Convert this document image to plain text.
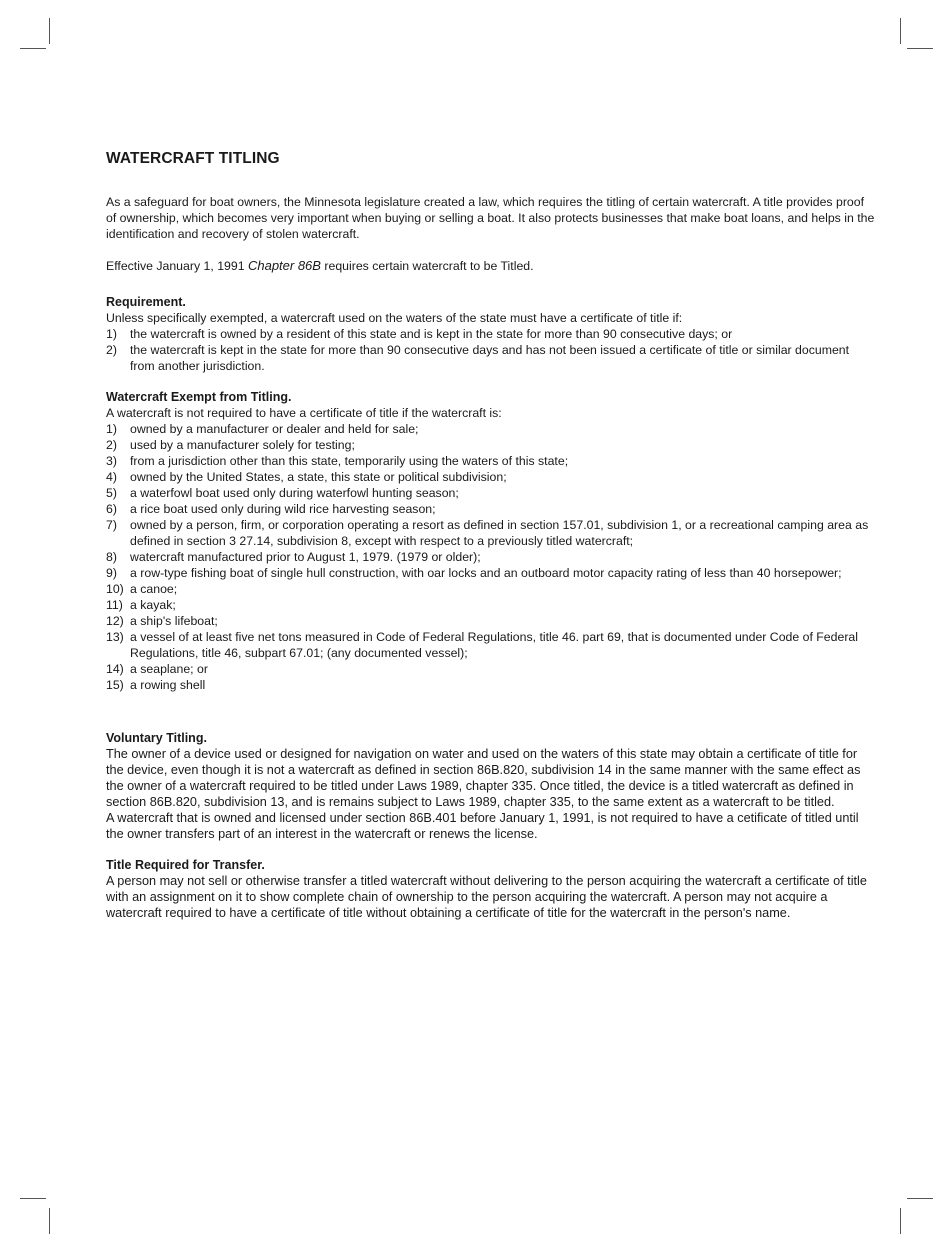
WATERCRAFT TITLING

As a safeguard for boat owners, the Minnesota legislature created a law, which requires the titling of certain watercraft. A title provides proof of ownership, which becomes very important when buying or selling a boat. It also protects businesses that make boat loans, and helps in the identification and recovery of stolen watercraft.

Effective January 1, 1991 Chapter 86B requires certain watercraft to be Titled.

Requirement.

Unless specifically exempted, a watercraft used on the waters of the state must have a certificate of title if:

1) the watercraft is owned by a resident of this state and is kept in the state for more than 90 consecutive days; or
2) the watercraft is kept in the state for more than 90 consecutive days and has not been issued a certificate of title or similar document from another jurisdiction.
Watercraft Exempt from Titling.

A watercraft is not required to have a certificate of title if the watercraft is:

1) owned by a manufacturer or dealer and held for sale;
2) used by a manufacturer solely for testing;
3) from a jurisdiction other than this state, temporarily using the waters of this state;
4) owned by the United States, a state, this state or political subdivision;
5) a waterfowl boat used only during waterfowl hunting season;
6) a rice boat used only during wild rice harvesting season;
7) owned by a person, firm, or corporation operating a resort as defined in section 157.01, subdivision 1, or a recreational camping area as defined in section 3 27.14, subdivision 8, except with respect to a previously titled watercraft;
8) watercraft manufactured prior to August 1, 1979. (1979 or older);
9) a row-type fishing boat of single hull construction, with oar locks and an outboard motor capacity rating of less than 40 horsepower;
10) a canoe;
11) a kayak;
12) a ship's lifeboat;
13) a vessel of at least five net tons measured in Code of Federal Regulations, title 46. part 69, that is documented under Code of Federal Regulations, title 46, subpart 67.01; (any documented vessel);
14) a seaplane; or
15) a rowing shell
Voluntary Titling.

The owner of a device used or designed for navigation on water and used on the waters of this state may obtain a certificate of title for the device, even though it is not a watercraft as defined in section 86B.820, subdivision 14 in the same manner with the same effect as the owner of a watercraft required to be titled under Laws 1989, chapter 335. Once titled, the device is a titled watercraft as defined in section 86B.820, subdivision 13, and is remains subject to Laws 1989, chapter 335, to the same extent as a watercraft to be titled.

A watercraft that is owned and licensed under section 86B.401 before January 1, 1991, is not required to have a cetificate of titled until the owner transfers part of an interest in the watercraft or renews the license.

Title Required for Transfer.

A person may not sell or otherwise transfer a titled watercraft without delivering to the person acquiring the watercraft a certificate of title with an assignment on it to show complete chain of ownership to the person acquiring the watercraft. A person may not acquire a watercraft required to have a certificate of title without obtaining a certificate of title for the watercraft in the person's name.
